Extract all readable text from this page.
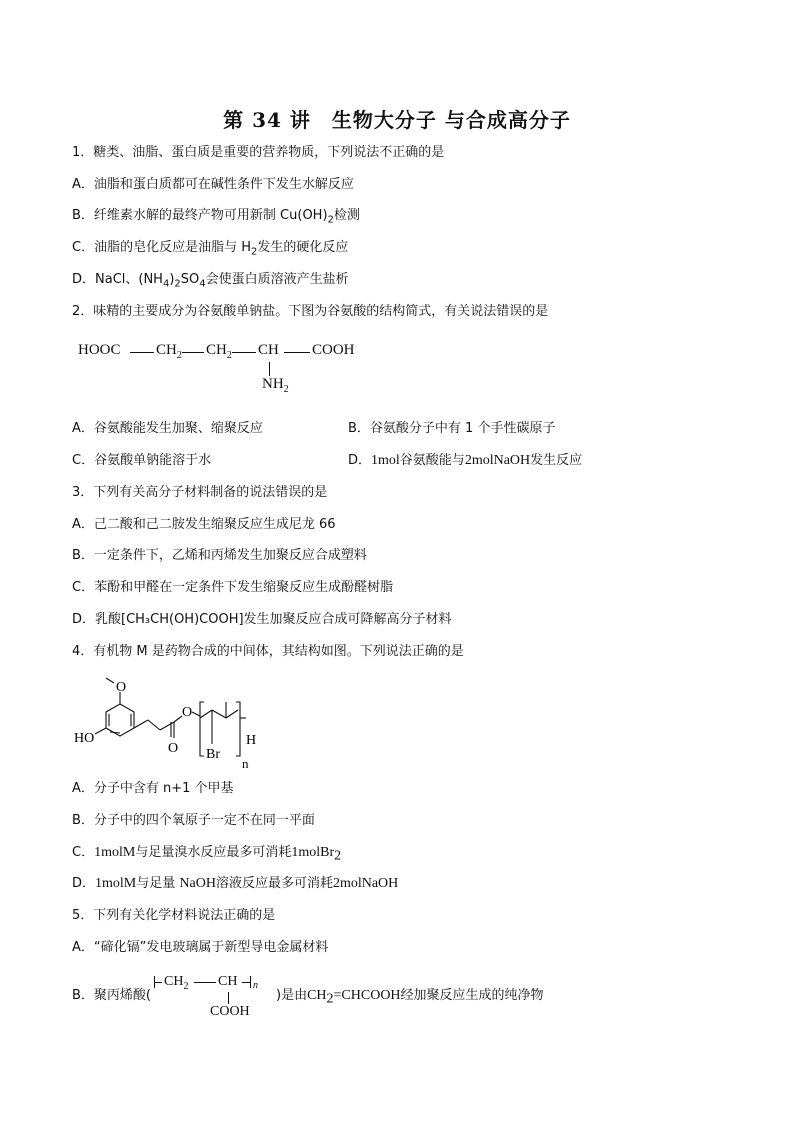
第 34 讲　生物大分子 与合成高分子
1．糖类、油脂、蛋白质是重要的营养物质，下列说法不正确的是
A．油脂和蛋白质都可在碱性条件下发生水解反应
B．纤维素水解的最终产物可用新制 $Cu(OH)_2$检测
C．油脂的皂化反应是油脂与 $H_2$发生的硬化反应
D．NaCl、$(NH_4)_2SO_4$会使蛋白质溶液产生盐析
2．味精的主要成分为谷氨酸单钠盐。下图为谷氨酸的结构简式，有关说法错误的是
HOOC $CH_2$ $CH_2$ CH COOH
$NH_2$
A．谷氨酸能发生加聚、缩聚反应	B．谷氨酸分子中有 1 个手性碳原子
C．谷氨酸单钠能溶于水	D．1mol谷氨酸能与2molNaOH发生反应
3．下列有关高分子材料制备的说法错误的是
A．己二酸和己二胺发生缩聚反应生成尼龙 66
B．一定条件下，乙烯和丙烯发生加聚反应合成塑料
C．苯酚和甲醛在一定条件下发生缩聚反应生成酚醛树脂
D．乳酸[CH₃CH(OH)COOH]发生加聚反应合成可降解高分子材料
4．有机物 M 是药物合成的中间体，其结构如图。下列说法正确的是
O
HO
O
O Br
H
n
A．分子中含有 n+1 个甲基
B．分子中的四个氧原子一定不在同一平面
C．1molM与足量溴水反应最多可消耗1molBr$_2$
D．1molM与足量 NaOH溶液反应最多可消耗2molNaOH
5．下列有关化学材料说法正确的是
A．“碲化镉”发电玻璃属于新型导电金属材料
B．聚丙烯酸(
$CH_2$ CH n
COOH
)是由$CH_2=CHCOOH$经加聚反应生成的纯净物
